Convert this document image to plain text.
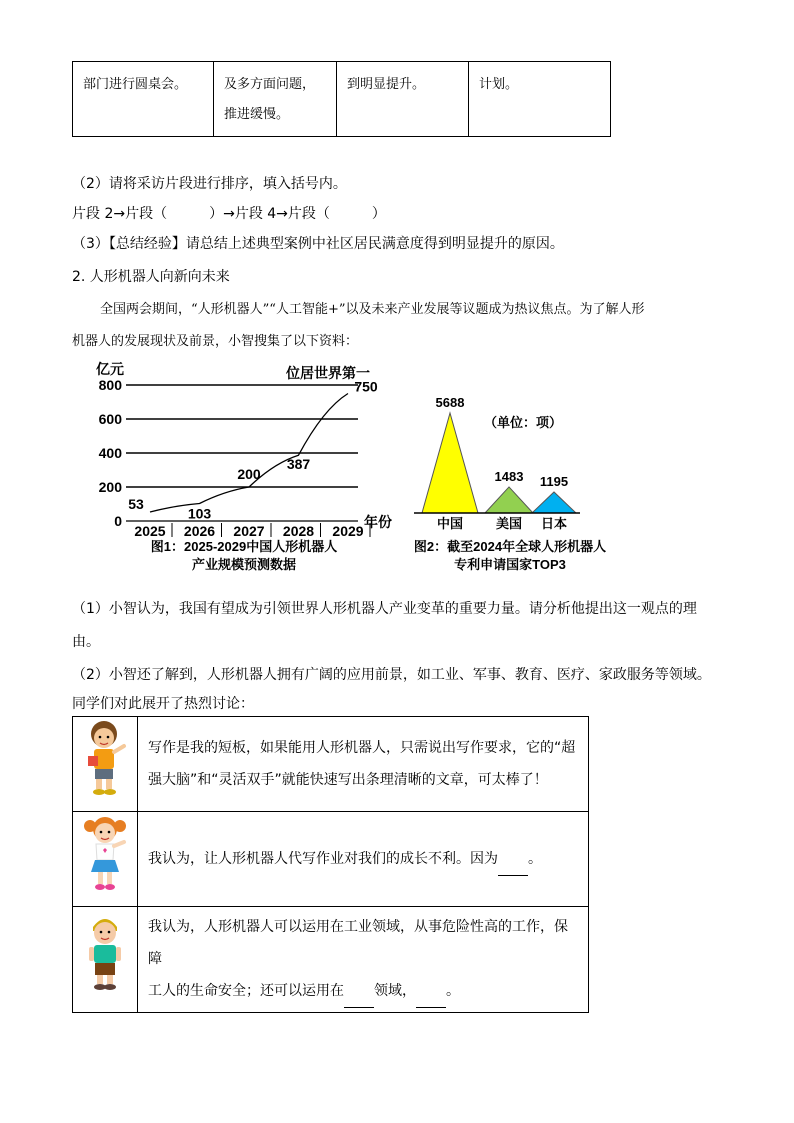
部门进行圆桌会。	及多方面问题，推进缓慢。	到明显提升。	计划。
（2）请将采访片段进行排序，填入括号内。
片段 2→片段（　　　）→片段 4→片段（　　　）
（3）【总结经验】请总结上述典型案例中社区居民满意度得到明显提升的原因。
2. 人形机器人向新向未来
全国两会期间，“人形机器人”“人工智能+”以及未来产业发展等议题成为热议焦点。为了解人形
机器人的发展现状及前景，小智搜集了以下资料：
亿元
0
200
400
600
800
2025 2026 2027 2028 2029
53
103
200
387
750
位居世界第一
年份
图1：2025-2029中国人形机器人
产业规模预测数据
5688
中国
1483
美国
1195
日本
（单位：项）
图2：截至2024年全球人形机器人
专利申请国家TOP3
（1）小智认为，我国有望成为引领世界人形机器人产业变革的重要力量。请分析他提出这一观点的理
由。
（2）小智还了解到，人形机器人拥有广阔的应用前景，如工业、军事、教育、医疗、家政服务等领域。
同学们对此展开了热烈讨论：

写作是我的短板，如果能用人形机器人，只需说出写作要求，它的“超
强大脑”和“灵活双手”就能快速写出条理清晰的文章，可太棒了！

	我认为，让人形机器人代写作业对我们的成长不利。因为 。

我认为，人形机器人可以运用在工业领域，从事危险性高的工作，保障
工人的生命安全；还可以运用在 领域， 。
